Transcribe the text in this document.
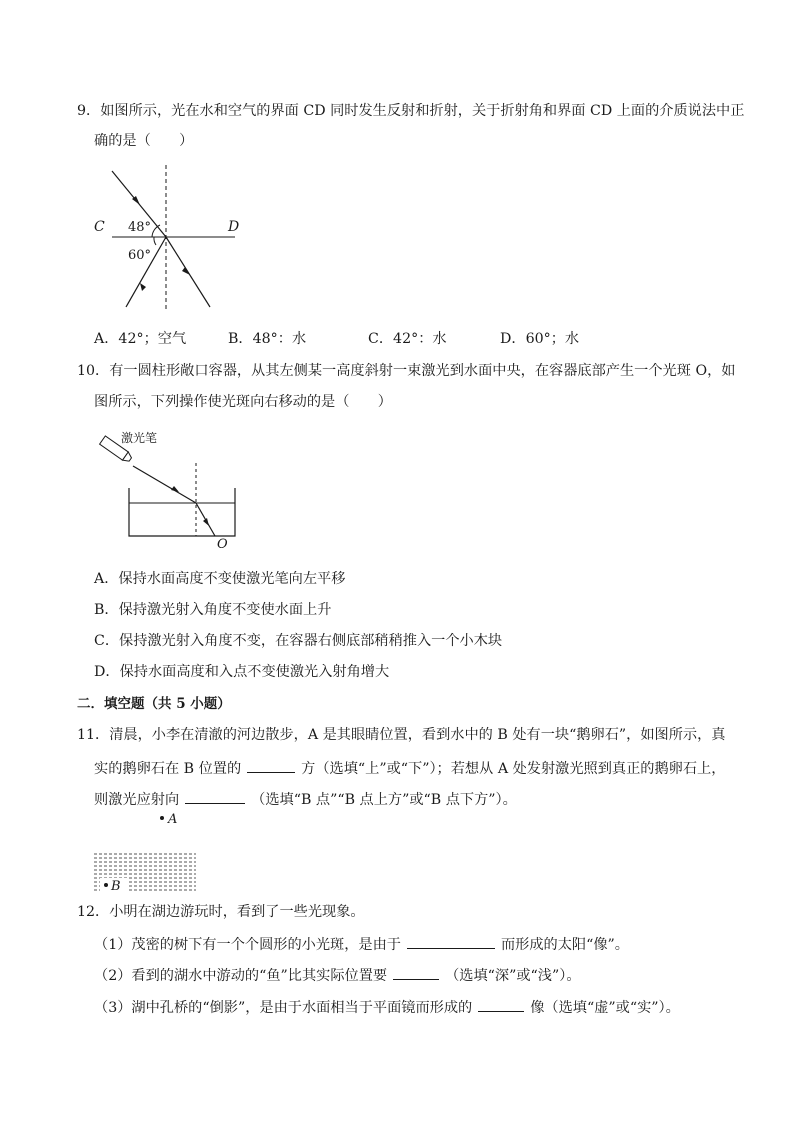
9．如图所示，光在水和空气的界面 CD 同时发生反射和折射，关于折射角和界面 CD 上面的介质说法中正
确的是（　　）
C	D
48°
60°
A．42°；空气	B．48°：水	C．42°：水	D．60°；水
10．有一圆柱形敞口容器，从其左侧某一高度斜射一束激光到水面中央，在容器底部产生一个光斑 O，如
图所示，下列操作使光斑向右移动的是（　　）
激光笔
O
A．保持水面高度不变使激光笔向左平移
B．保持激光射入角度不变使水面上升
C．保持激光射入角度不变，在容器右侧底部稍稍推入一个小木块
D．保持水面高度和入点不变使激光入射角增大
二．填空题（共 5 小题）
11．清晨，小李在清澈的河边散步，A 是其眼睛位置，看到水中的 B 处有一块“鹅卵石”，如图所示，真
实的鹅卵石在 B 位置的	方（选填“上”或“下”）；若想从 A 处发射激光照到真正的鹅卵石上，
则激光应射向	（选填“B 点”“B 点上方”或“B 点下方”）。
A
B
12．小明在湖边游玩时，看到了一些光现象。
（1）茂密的树下有一个个圆形的小光斑，是由于	而形成的太阳“像”。
（2）看到的湖水中游动的“鱼”比其实际位置要	（选填“深”或“浅”）。
（3）湖中孔桥的“倒影”，是由于水面相当于平面镜而形成的	像（选填“虚”或“实”）。
